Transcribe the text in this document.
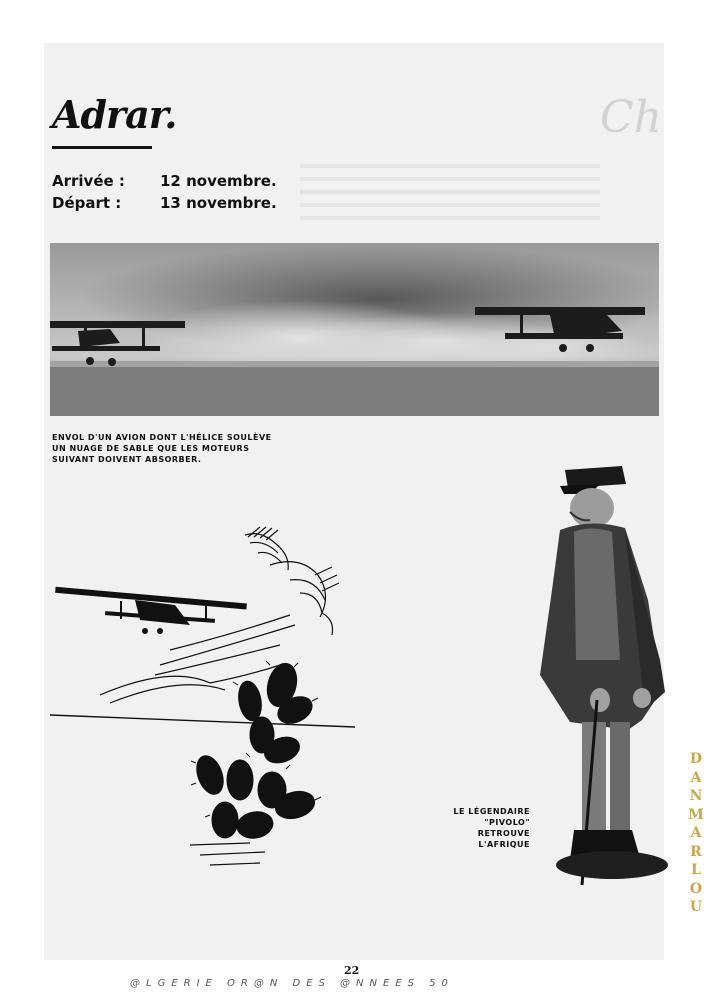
Ch
Adrar.
Arrivée : 12 novembre.
Départ :	13 novembre.
ENVOL D'UN AVION DONT L'HÉLICE SOULÈVE
UN NUAGE DE SABLE QUE LES MOTEURS
SUIVANT DOIVENT ABSORBER.
LE LÉGENDAIRE
"PIVOLO"
RETROUVE
L'AFRIQUE
22
@LGERIE OR@N DES @NNEES 50
DANMARLOU
